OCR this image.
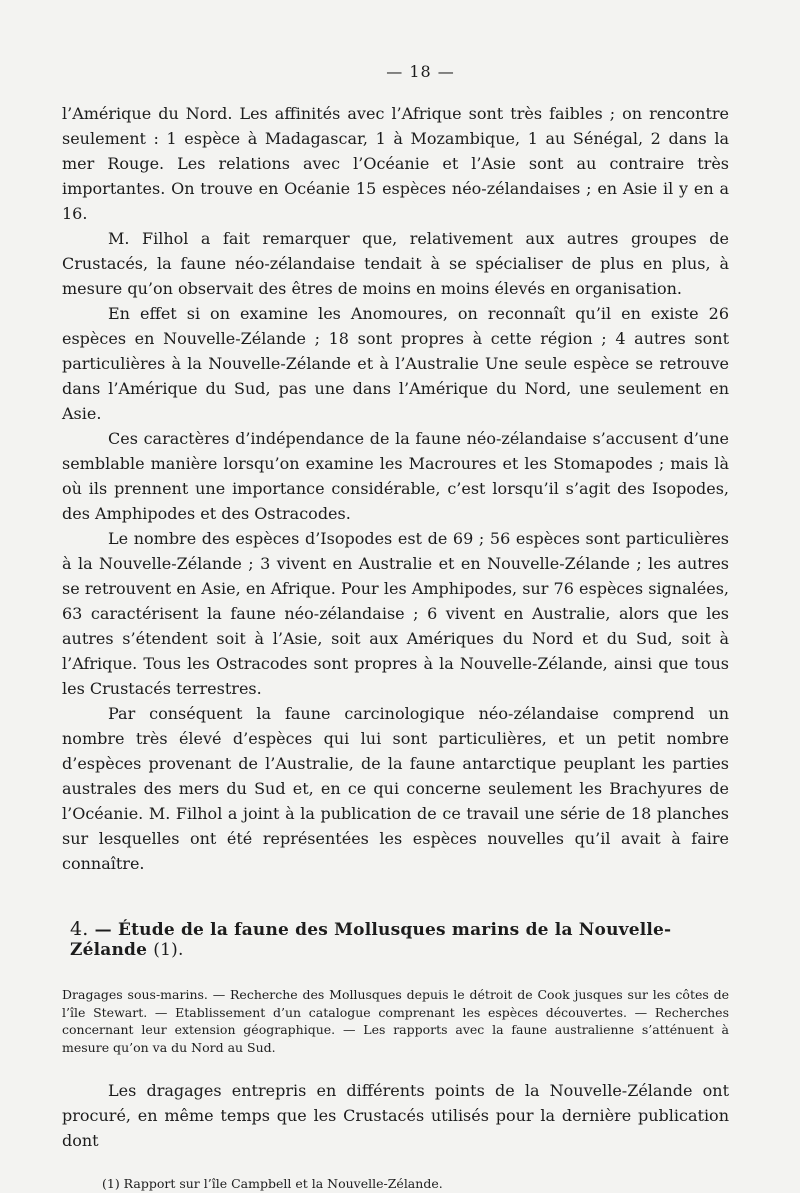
— 18 —

l’Amérique du Nord. Les affinités avec l’Afrique sont très faibles ; on rencontre seulement : 1 espèce à Madagascar, 1 à Mozambique, 1 au Sénégal, 2 dans la mer Rouge. Les relations avec l’Océanie et l’Asie sont au contraire très importantes. On trouve en Océanie 15 espèces néo-zélandaises ; en Asie il y en a 16.

M. Filhol a fait remarquer que, relativement aux autres groupes de Crustacés, la faune néo-zélandaise tendait à se spécialiser de plus en plus, à mesure qu’on observait des êtres de moins en moins élevés en organisation.

En effet si on examine les Anomoures, on reconnaît qu’il en existe 26 espèces en Nouvelle-Zélande ; 18 sont propres à cette région ; 4 autres sont particulières à la Nouvelle-Zélande et à l’Australie Une seule espèce se retrouve dans l’Amérique du Sud, pas une dans l’Amérique du Nord, une seulement en Asie.

Ces caractères d’indépendance de la faune néo-zélandaise s’accusent d’une semblable manière lorsqu’on examine les Macroures et les Stomapodes ; mais là où ils prennent une importance considérable, c’est lorsqu’il s’agit des Isopodes, des Amphipodes et des Ostracodes.

Le nombre des espèces d’Isopodes est de 69 ; 56 espèces sont particulières à la Nouvelle-Zélande ; 3 vivent en Australie et en Nouvelle-Zélande ; les autres se retrouvent en Asie, en Afrique. Pour les Amphipodes, sur 76 espèces signalées, 63 caractérisent la faune néo-zélandaise ; 6 vivent en Australie, alors que les autres s’étendent soit à l’Asie, soit aux Amériques du Nord et du Sud, soit à l’Afrique. Tous les Ostracodes sont propres à la Nouvelle-Zélande, ainsi que tous les Crustacés terrestres.

Par conséquent la faune carcinologique néo-zélandaise comprend un nombre très élevé d’espèces qui lui sont particulières, et un petit nombre d’espèces provenant de l’Australie, de la faune antarctique peuplant les parties australes des mers du Sud et, en ce qui concerne seulement les Brachyures de l’Océanie. M. Filhol a joint à la publication de ce travail une série de 18 planches sur lesquelles ont été représentées les espèces nouvelles qu’il avait à faire connaître.

4. — Étude de la faune des Mollusques marins de la Nouvelle-Zélande (1).

Dragages sous-marins. — Recherche des Mollusques depuis le détroit de Cook jusques sur les côtes de l’île Stewart. — Etablissement d’un catalogue comprenant les espèces découvertes. — Recherches concernant leur extension géographique. — Les rapports avec la faune australienne s’atténuent à mesure qu’on va du Nord au Sud.

Les dragages entrepris en différents points de la Nouvelle-Zélande ont procuré, en même temps que les Crustacés utilisés pour la dernière publication dont

(1) Rapport sur l’île Campbell et la Nouvelle-Zélande.
